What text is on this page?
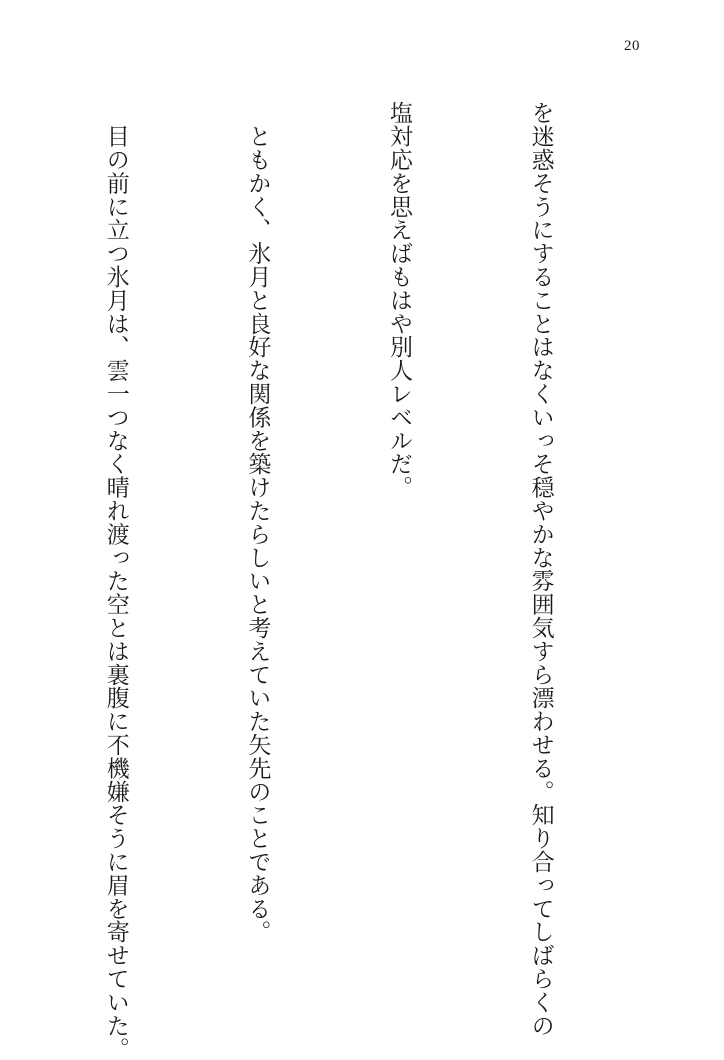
20

を迷惑そうにすることはなくいっそ穏やかな雰囲気すら漂わせる。知り合ってしばらくの

塩対応を思えばもはや別人レベルだ。

　ともかく、氷月と良好な関係を築けたらしいと考えていた矢先のことである。

　目の前に立つ氷月は、雲一つなく晴れ渡った空とは裏腹に不機嫌そうに眉を寄せていた。
